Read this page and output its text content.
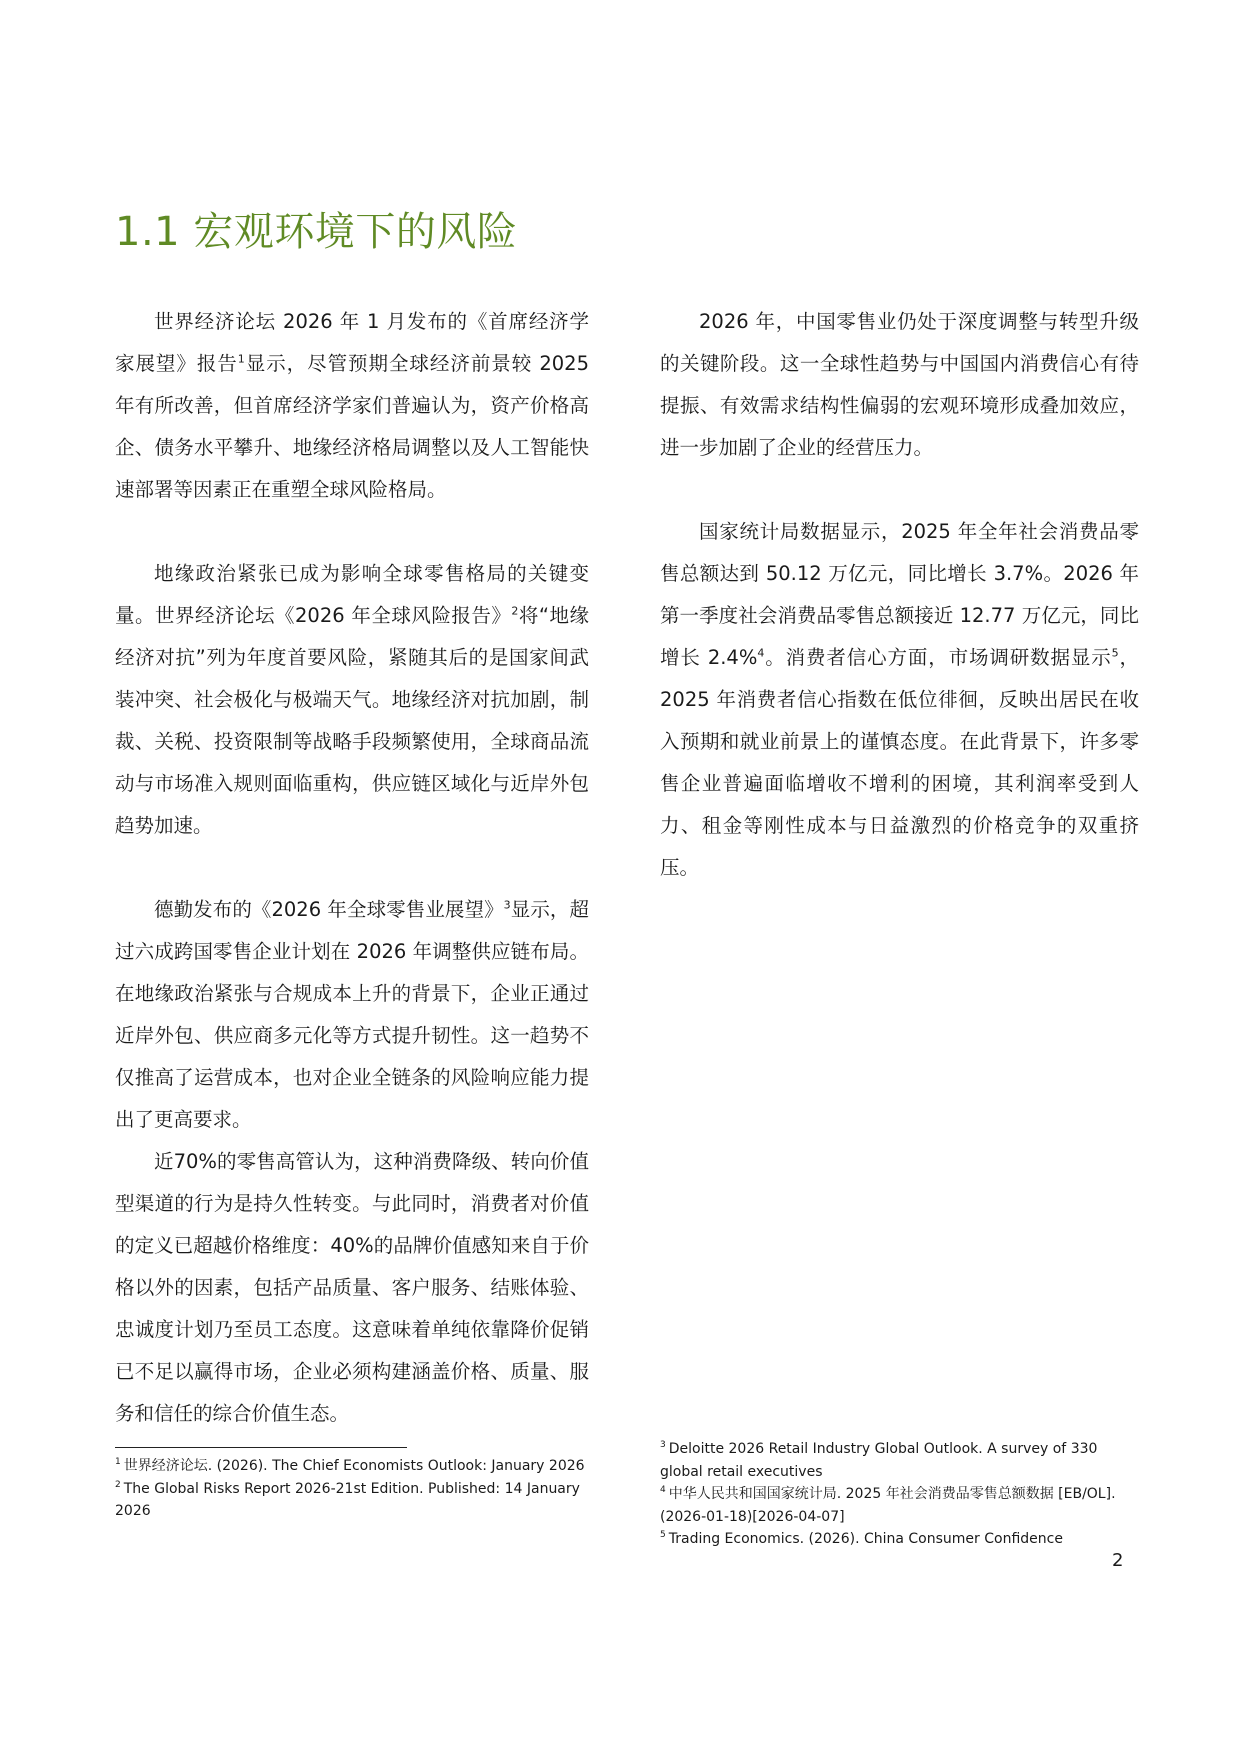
1.1 宏观环境下的风险

世界经济论坛 2026 年 1 月发布的《首席经济学家展望》报告$^1$显示，尽管预期全球经济前景较 2025 年有所改善，但首席经济学家们普遍认为，资产价格高企、债务水平攀升、地缘经济格局调整以及人工智能快速部署等因素正在重塑全球风险格局。

地缘政治紧张已成为影响全球零售格局的关键变量。世界经济论坛《2026 年全球风险报告》$^2$将“地缘经济对抗”列为年度首要风险，紧随其后的是国家间武装冲突、社会极化与极端天气。地缘经济对抗加剧，制裁、关税、投资限制等战略手段频繁使用，全球商品流动与市场准入规则面临重构，供应链区域化与近岸外包趋势加速。

德勤发布的《2026 年全球零售业展望》$^3$显示，超过六成跨国零售企业计划在 2026 年调整供应链布局。在地缘政治紧张与合规成本上升的背景下，企业正通过近岸外包、供应商多元化等方式提升韧性。这一趋势不仅推高了运营成本，也对企业全链条的风险响应能力提出了更高要求。

近70%的零售高管认为，这种消费降级、转向价值型渠道的行为是持久性转变。与此同时，消费者对价值的定义已超越价格维度：40%的品牌价值感知来自于价格以外的因素，包括产品质量、客户服务、结账体验、忠诚度计划乃至员工态度。这意味着单纯依靠降价促销已不足以赢得市场，企业必须构建涵盖价格、质量、服务和信任的综合价值生态。

2026 年，中国零售业仍处于深度调整与转型升级的关键阶段。这一全球性趋势与中国国内消费信心有待提振、有效需求结构性偏弱的宏观环境形成叠加效应，进一步加剧了企业的经营压力。

国家统计局数据显示，2025 年全年社会消费品零售总额达到 50.12 万亿元，同比增长 3.7%。2026 年第一季度社会消费品零售总额接近 12.77 万亿元，同比增长 2.4%$^4$。消费者信心方面，市场调研数据显示$^5$，2025 年消费者信心指数在低位徘徊，反映出居民在收入预期和就业前景上的谨慎态度。在此背景下，许多零售企业普遍面临增收不增利的困境，其利润率受到人力、租金等刚性成本与日益激烈的价格竞争的双重挤压。

$^1$ 世界经济论坛. (2026). The Chief Economists Outlook: January 2026

$^2$ The Global Risks Report 2026-21st Edition. Published: 14 January 2026

$^3$ Deloitte 2026 Retail Industry Global Outlook. A survey of 330 global retail executives

$^4$ 中华人民共和国国家统计局. 2025 年社会消费品零售总额数据 [EB/OL]. (2026-01-18)[2026-04-07]

$^5$ Trading Economics. (2026). China Consumer Confidence

2
